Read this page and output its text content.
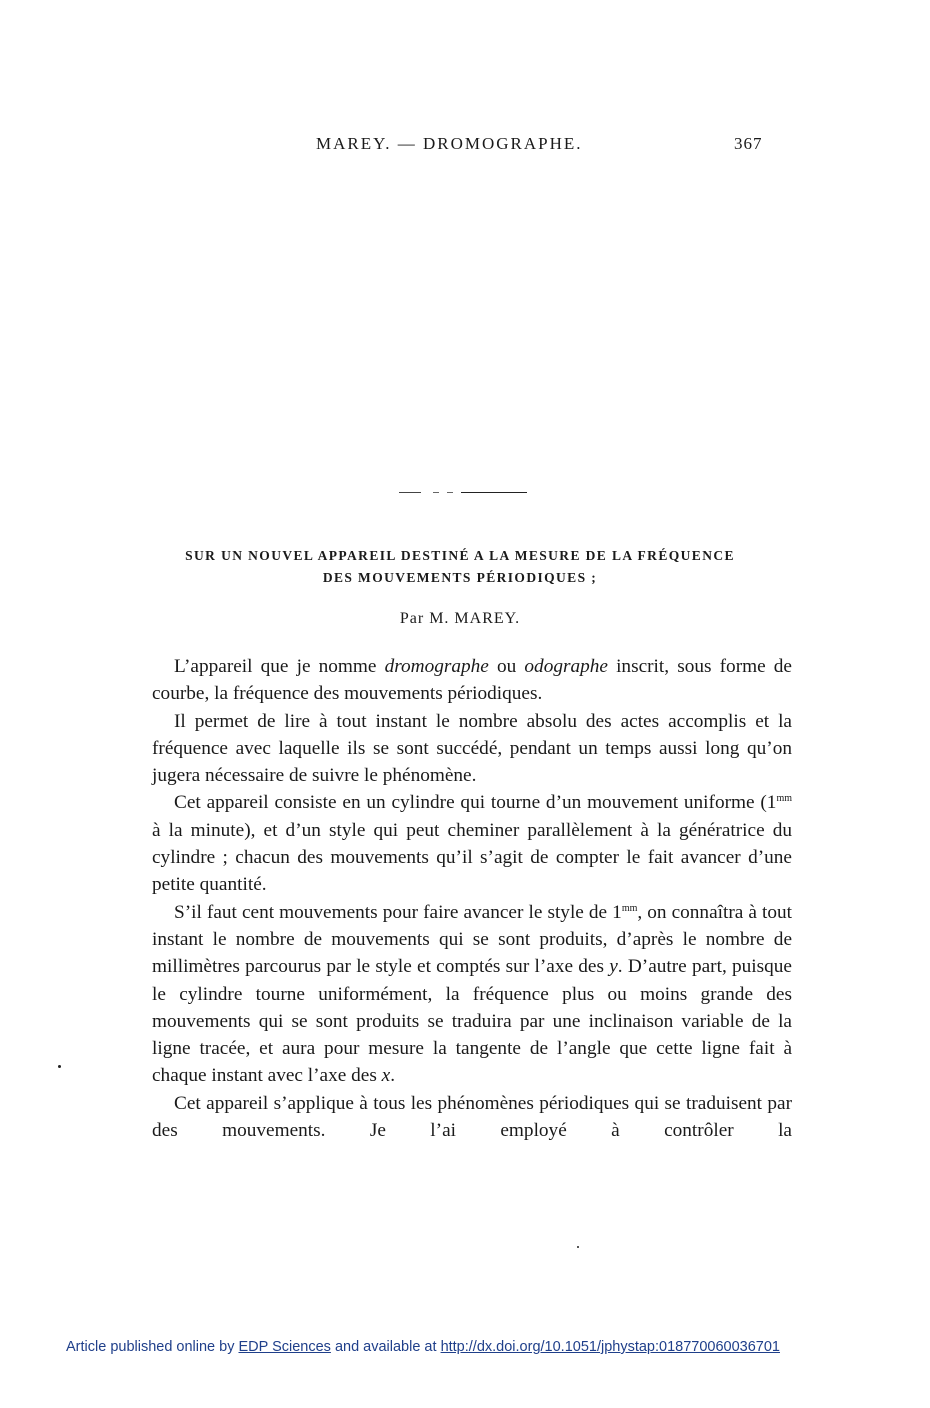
MAREY. — DROMOGRAPHE.	367
SUR UN NOUVEL APPAREIL DESTINÉ A LA MESURE DE LA FRÉQUENCE
DES MOUVEMENTS PÉRIODIQUES ;
Par M. MAREY.

L’appareil que je nomme dromographe ou odographe inscrit, sous forme de courbe, la fréquence des mouvements périodiques.

Il permet de lire à tout instant le nombre absolu des actes accomplis et la fréquence avec laquelle ils se sont succédé, pendant un temps aussi long qu’on jugera nécessaire de suivre le phénomène.

Cet appareil consiste en un cylindre qui tourne d’un mouvement uniforme ($1^{mm}$ à la minute), et d’un style qui peut cheminer parallèlement à la génératrice du cylindre ; chacun des mouvements qu’il s’agit de compter le fait avancer d’une petite quantité.

S’il faut cent mouvements pour faire avancer le style de $1^{mm}$, on connaîtra à tout instant le nombre de mouvements qui se sont produits, d’après le nombre de millimètres parcourus par le style et comptés sur l’axe des y. D’autre part, puisque le cylindre tourne uniformément, la fréquence plus ou moins grande des mouvements qui se sont produits se traduira par une inclinaison variable de la ligne tracée, et aura pour mesure la tangente de l’angle que cette ligne fait à chaque instant avec l’axe des x.

Cet appareil s’applique à tous les phénomènes périodiques qui se traduisent par des mouvements. Je l’ai employé à contrôler la

Article published online by EDP Sciences and available at http://dx.doi.org/10.1051/jphystap:018770060036701
